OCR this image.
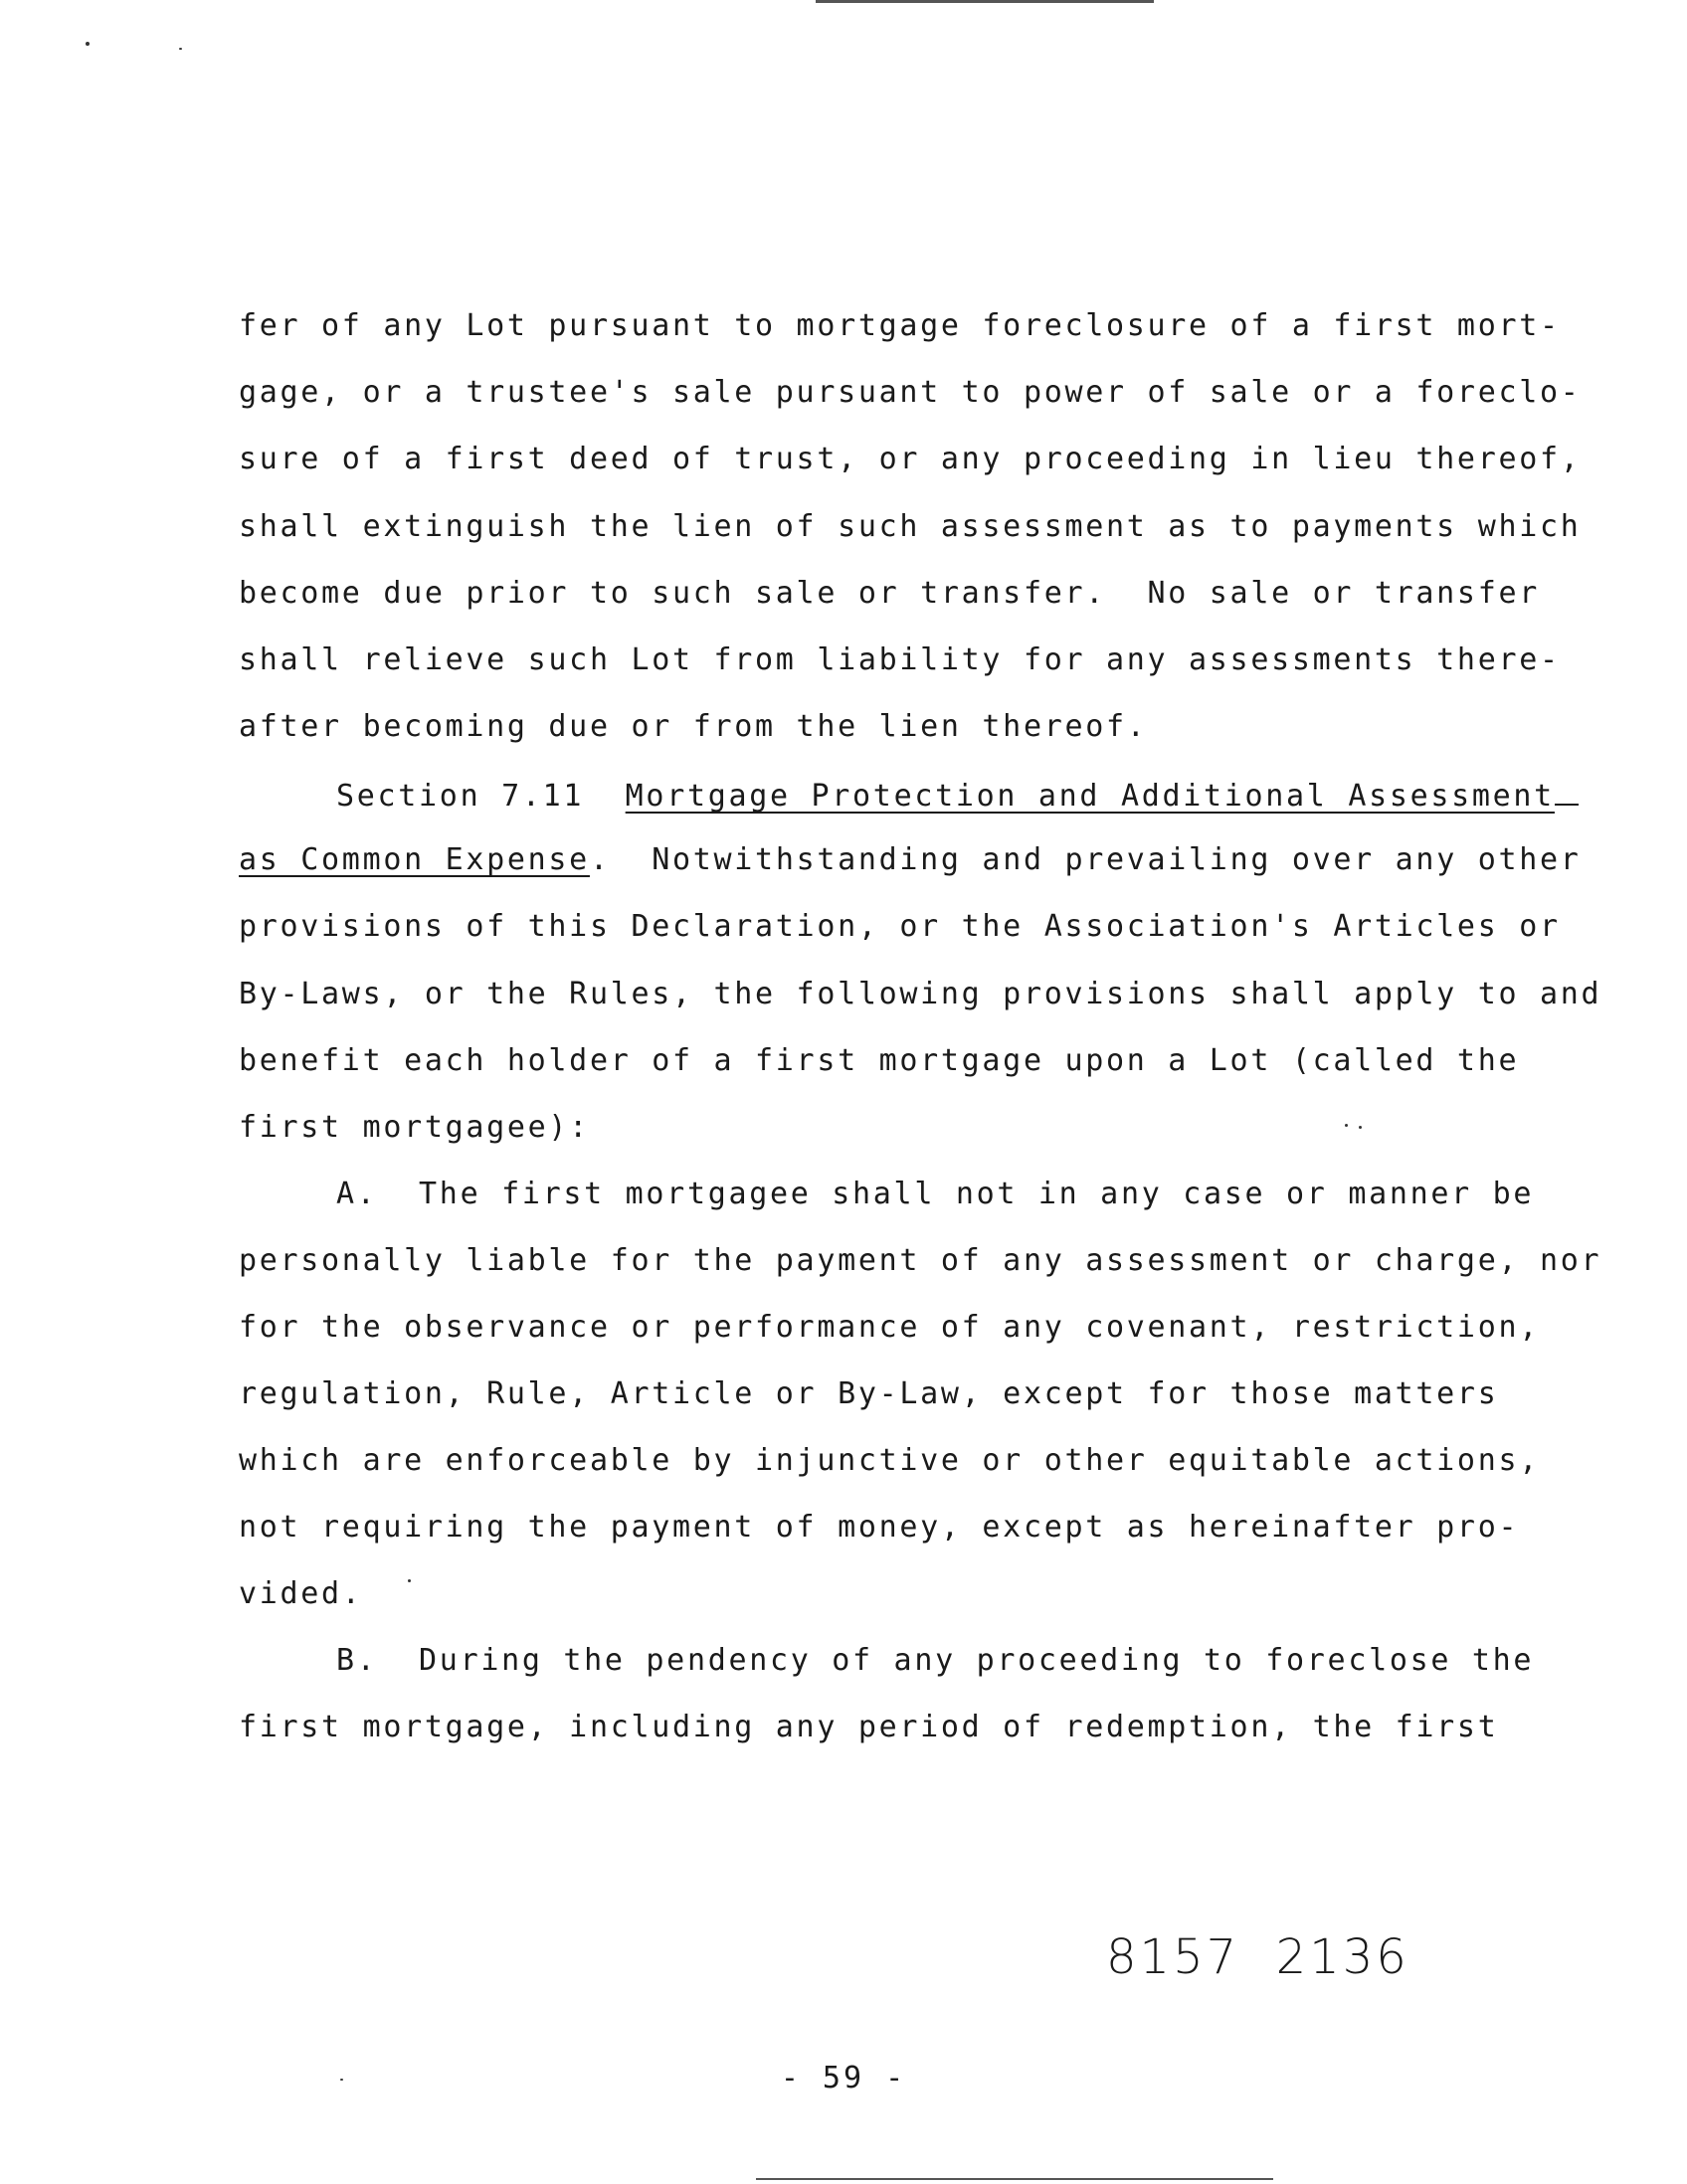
fer of any Lot pursuant to mortgage foreclosure of a first mort-
gage, or a trustee's sale pursuant to power of sale or a foreclo-
sure of a first deed of trust, or any proceeding in lieu thereof,
shall extinguish the lien of such assessment as to payments which
become due prior to such sale or transfer.  No sale or transfer
shall relieve such Lot from liability for any assessments there-
after becoming due or from the lien thereof.
Section 7.11 Mortgage Protection and Additional Assessment
as Common Expense.  Notwithstanding and prevailing over any other
provisions of this Declaration, or the Association's Articles or
By-Laws, or the Rules, the following provisions shall apply to and
benefit each holder of a first mortgage upon a Lot (called the
first mortgagee):
A.  The first mortgagee shall not in any case or manner be
personally liable for the payment of any assessment or charge, nor
for the observance or performance of any covenant, restriction,
regulation, Rule, Article or By-Law, except for those matters
which are enforceable by injunctive or other equitable actions,
not requiring the payment of money, except as hereinafter pro-
vided.
B.  During the pendency of any proceeding to foreclose the
first mortgage, including any period of redemption, the first
8157  2136
- 59 -
